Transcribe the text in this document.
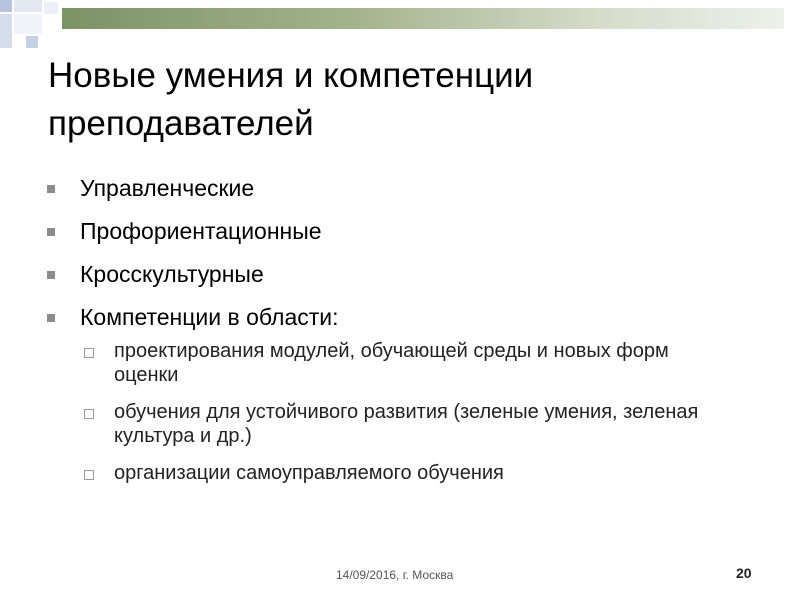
Новые умения и компетенции преподавателей
Управленческие
Профориентационные
Кросскультурные
Компетенции в области:
проектирования модулей, обучающей среды и новых форм оценки
обучения для устойчивого развития (зеленые умения, зеленая культура и др.)
организации самоуправляемого обучения
14/09/2016, г. Москва	20
